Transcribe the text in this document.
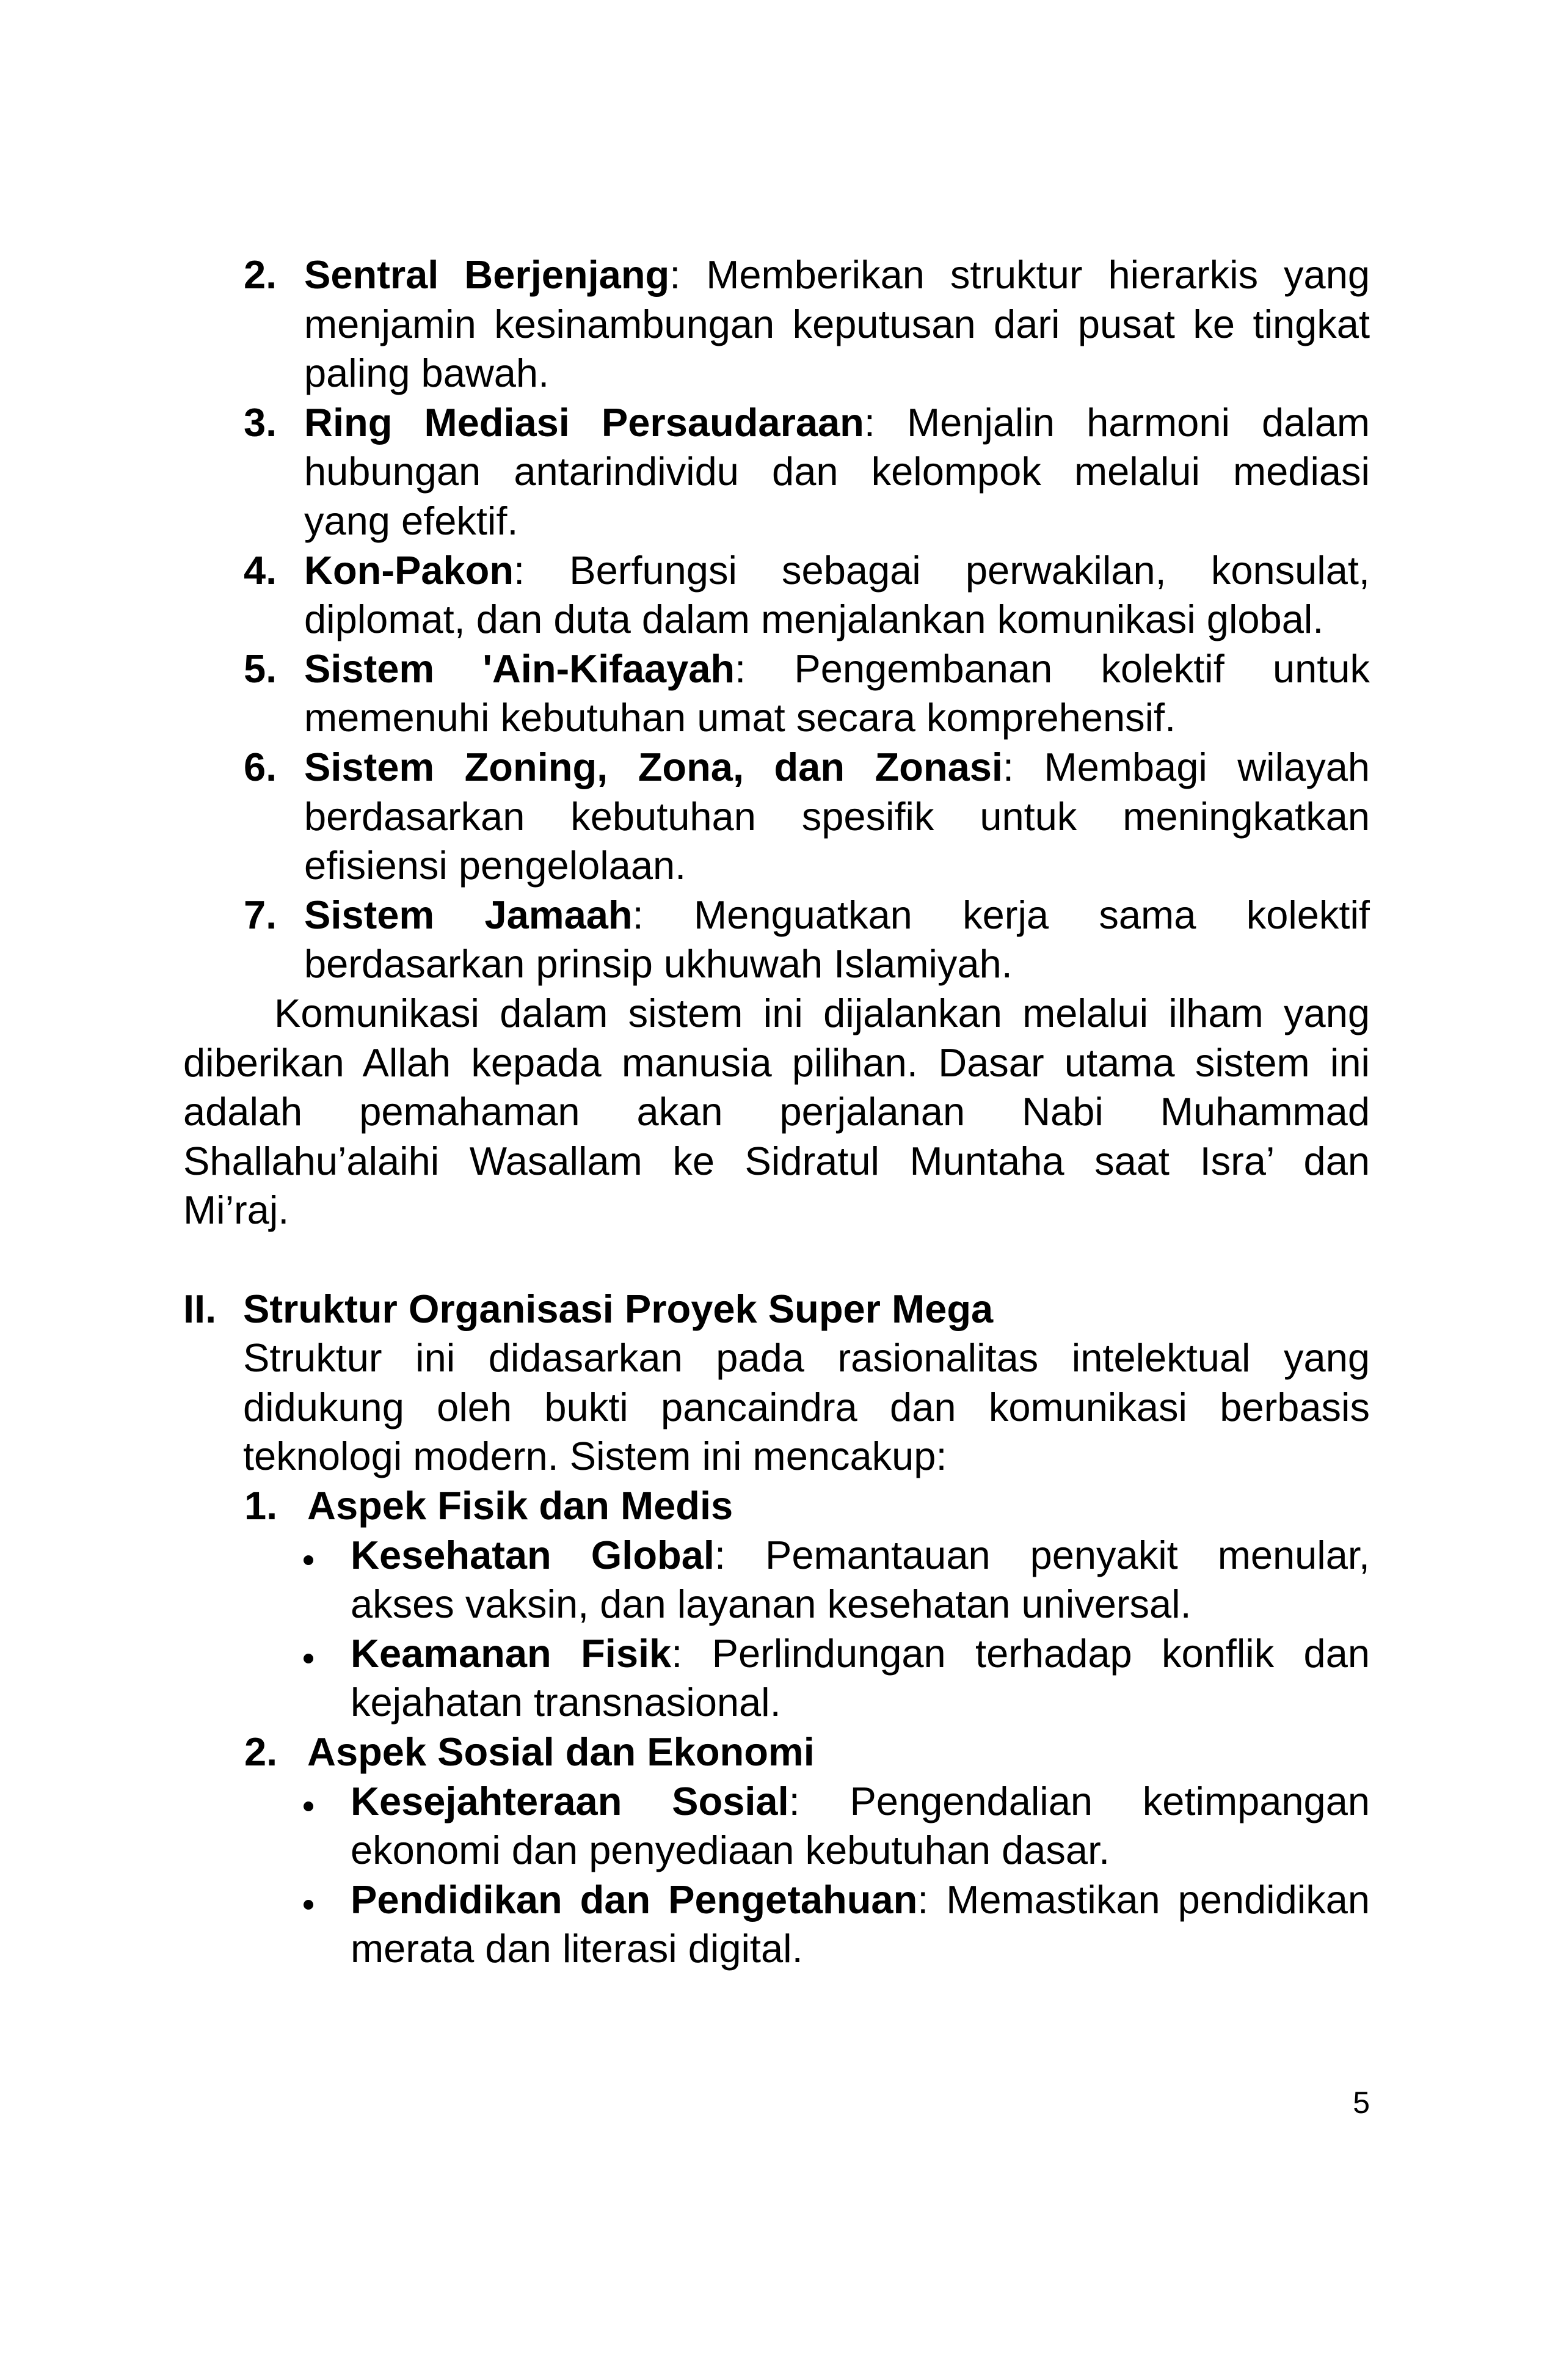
2. Sentral Berjenjang: Memberikan struktur hierarkis yang
menjamin kesinambungan keputusan dari pusat ke tingkat
paling bawah.
3. Ring Mediasi Persaudaraan: Menjalin harmoni dalam
hubungan antarindividu dan kelompok melalui mediasi
yang efektif.
4. Kon-Pakon: Berfungsi sebagai perwakilan, konsulat,
diplomat, dan duta dalam menjalankan komunikasi global.
5. Sistem 'Ain-Kifaayah: Pengembanan kolektif untuk
memenuhi kebutuhan umat secara komprehensif.
6. Sistem Zoning, Zona, dan Zonasi: Membagi wilayah
berdasarkan kebutuhan spesifik untuk meningkatkan
efisiensi pengelolaan.
7. Sistem Jamaah: Menguatkan kerja sama kolektif
berdasarkan prinsip ukhuwah Islamiyah.
Komunikasi dalam sistem ini dijalankan melalui ilham yang
diberikan Allah kepada manusia pilihan. Dasar utama sistem ini
adalah pemahaman akan perjalanan Nabi Muhammad
Shallahu’alaihi Wasallam ke Sidratul Muntaha saat Isra’ dan
Mi’raj.
II. Struktur Organisasi Proyek Super Mega
Struktur ini didasarkan pada rasionalitas intelektual yang
didukung oleh bukti pancaindra dan komunikasi berbasis
teknologi modern. Sistem ini mencakup:
1. Aspek Fisik dan Medis
Kesehatan Global: Pemantauan penyakit menular,
akses vaksin, dan layanan kesehatan universal.
Keamanan Fisik: Perlindungan terhadap konflik dan
kejahatan transnasional.
2. Aspek Sosial dan Ekonomi
Kesejahteraan Sosial: Pengendalian ketimpangan
ekonomi dan penyediaan kebutuhan dasar.
Pendidikan dan Pengetahuan: Memastikan pendidikan
merata dan literasi digital.
5
